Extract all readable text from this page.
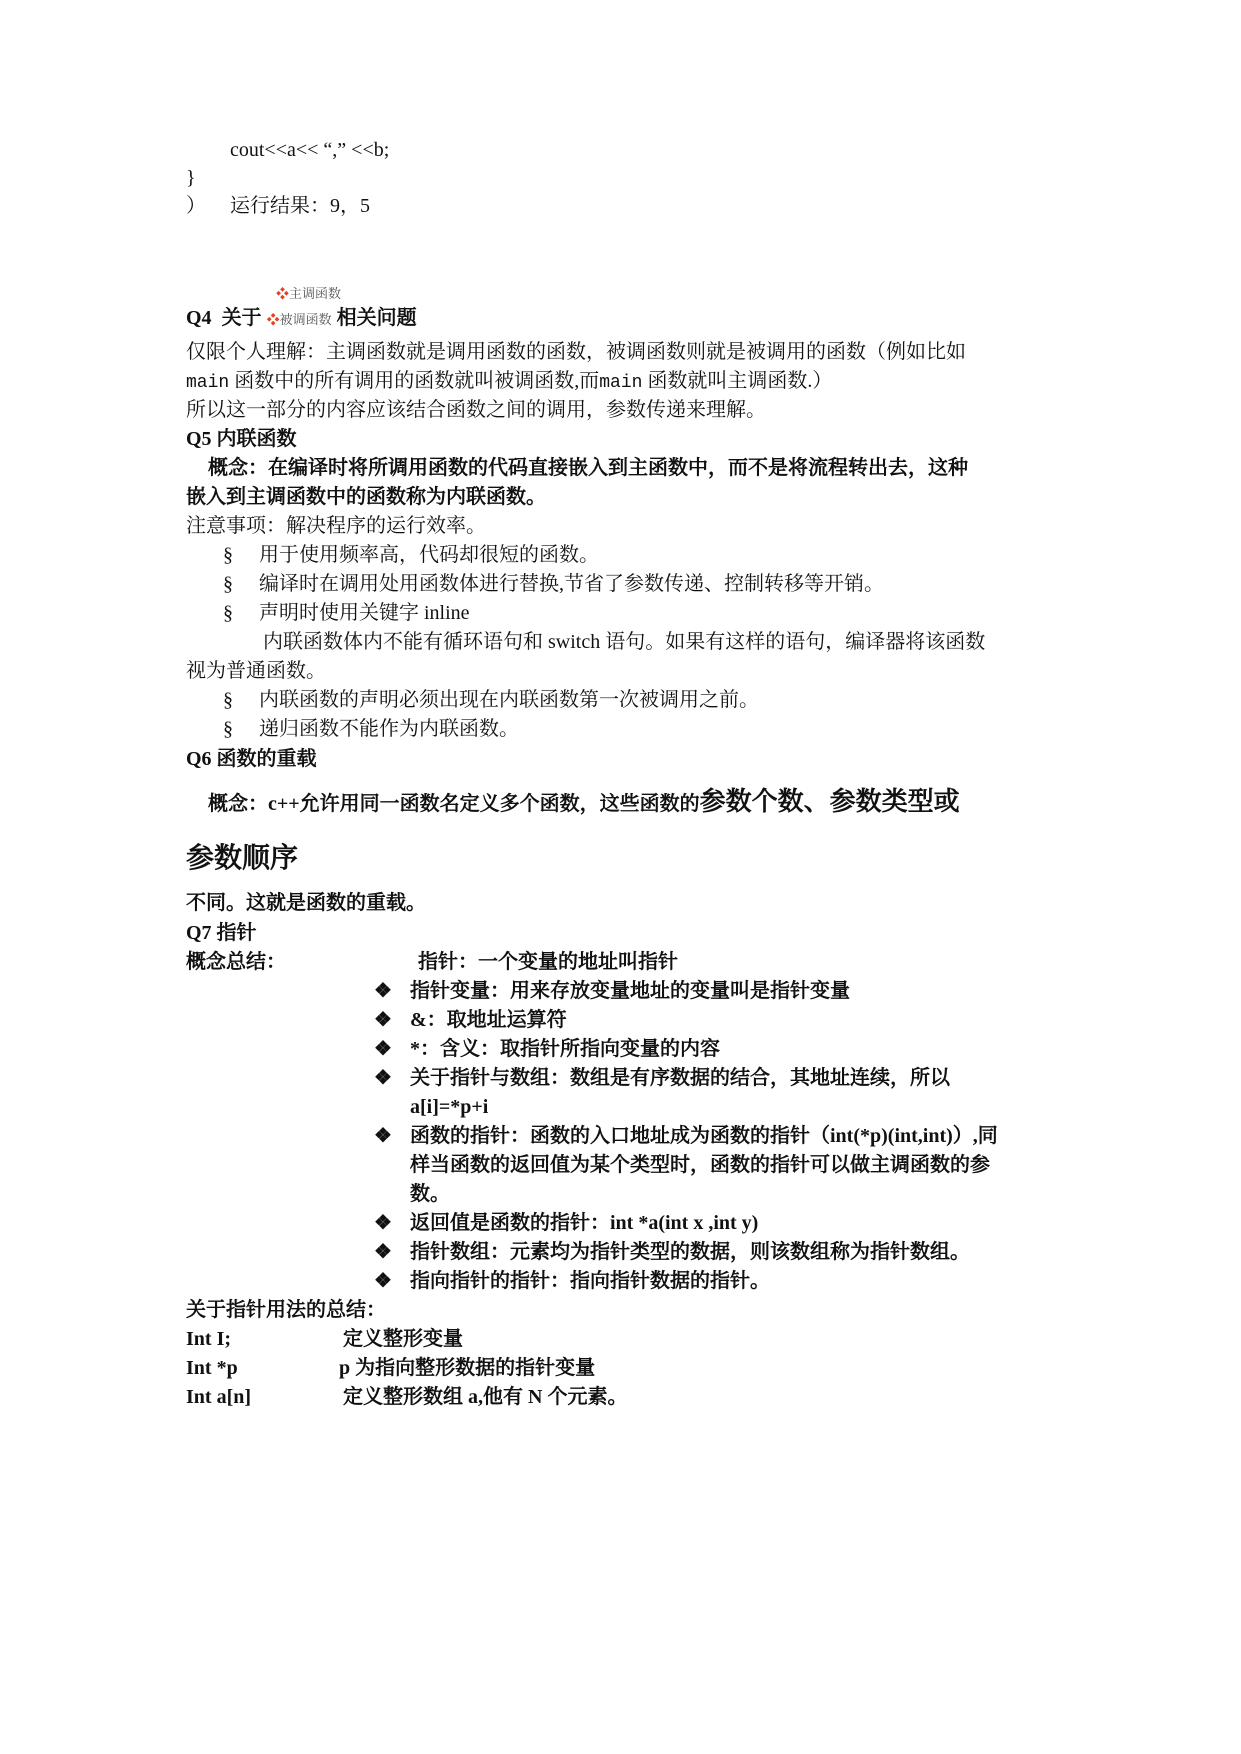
cout<<a<< “,” <<b;
}
） 运行结果：9，5
❖主调函数
Q4 关于 ❖被调函数 相关问题
仅限个人理解：主调函数就是调用函数的函数，被调函数则就是被调用的函数（例如比如
main 函数中的所有调用的函数就叫被调函数,而main 函数就叫主调函数.）
所以这一部分的内容应该结合函数之间的调用，参数传递来理解。
Q5 内联函数
概念：在编译时将所调用函数的代码直接嵌入到主函数中，而不是将流程转出去，这种
嵌入到主调函数中的函数称为内联函数。
注意事项：解决程序的运行效率。
§ 用于使用频率高，代码却很短的函数。
§ 编译时在调用处用函数体进行替换,节省了参数传递、控制转移等开销。
§ 声明时使用关键字 inline
内联函数体内不能有循环语句和 switch 语句。如果有这样的语句，编译器将该函数
视为普通函数。
§ 内联函数的声明必须出现在内联函数第一次被调用之前。
§ 递归函数不能作为内联函数。
Q6 函数的重载
概念：c++允许用同一函数名定义多个函数，这些函数的参数个数、参数类型或
参数顺序
不同。这就是函数的重载。
Q7 指针
概念总结：	指针：一个变量的地址叫指针
❖ 指针变量：用来存放变量地址的变量叫是指针变量
❖ &：取地址运算符
❖ *：含义：取指针所指向变量的内容
❖ 关于指针与数组：数组是有序数据的结合，其地址连续，所以
a[i]=*p+i
❖ 函数的指针：函数的入口地址成为函数的指针（int(*p)(int,int)）,同
样当函数的返回值为某个类型时，函数的指针可以做主调函数的参
数。
❖ 返回值是函数的指针：int *a(int x ,int y)
❖ 指针数组：元素均为指针类型的数据，则该数组称为指针数组。
❖ 指向指针的指针：指向指针数据的指针。
关于指针用法的总结：
Int I;	定义整形变量
Int *p	p 为指向整形数据的指针变量
Int a[n]	定义整形数组 a,他有 N 个元素。
